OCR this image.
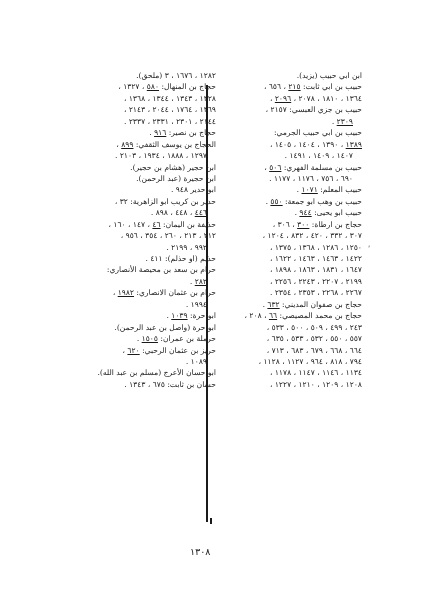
ابن ابي حبيب (يزيد).
حبيب بن ابي ثابت: ٢١٥ ، ٦٥٦ ،
١٣٦٤ ، ١٨١٠ ، ٢٠٧٨ ، ٢٠٩٦ ،
حبيب بن جزي العبسي: ٢١٥٧ ،
٢٣٠٩ .
حبيب بن ابي حبيب الجرمي:
١٣٨٩ ، ١٣٩٠ ، ١٤٠٤ ، ١٤٠٥ ،
١٤٠٧ ، ١٤٠٩ ، ١٤٩١ .
حبيب بن مسلمة الفهري: ٥٠٦ ،
٦٩٠ ، ٧٥٦ ، ١١٧٦ ، ١١٧٧ .
حبيب المعلم: ١٠٧١ .
حبيب بن وهب ابو جمعة: ٥٥٠ .
حبيب ابو يحيى: ٩٤٤ .
حجاج بن ارطاة: ٣٠٠ ، ٣٠٦ ،
٣٠٧ ، ٣٣٢ ، ٤٢٠ ، ٨٣٢ ، ١٢٠٤ ،
١٢٥٠ ، ١٢٨٦ ، ١٣٦٨ ، ١٣٧٥ ،
١٤٢٢ ، ١٤٦٣ ، ١٤٦٣ ، ١٦٢٢ ،
١٦٤٧ ، ١٨٣١ ، ١٨٦٣ ، ١٨٩٨ ،
٢١٩٩ ، ٢٢٠٧ ، ٢٢٤٣ ، ٢٢٥٦ ،
٢٢٦٧ ، ٢٢٦٨ ، ٢٣٥٣ ، ٢٣٥٤ .
حجاج بن صفوان المديني: ٦٣٢ .
حجاج بن محمد المصيصي: ٦٦ ، ٢٠٨ ،
٢٤٣ ، ٤٩٩ ، ٥٠٩ ، ٥٠٠ ، ٥٣٣ ،
٥٥٧ ، ٥٥٠ ، ٥٣٢ ، ٥٣٣ ، ٦٣٥ ،
٦٦٤ ، ٦٦٨ ، ٦٧٩ ، ٦٨٣ ، ٧١٣ ،
٧٩٤ ، ٨١٨ ، ٩٦٤ ، ١١٢٧ ، ١١٢٨ ،
١١٣٤ ، ١١٤٦ ، ١١٤٧ ، ١١٧٨ ،
١٢٠٨ ، ١٢٠٩ ، ١٢١٠ ، ١٢٢٧ ،
١٢٨٢ ، ١٦٧٦ ، ٣ (ملحق).
حجاج بن المنهال: ٥٨٠ ، ١٣٢٧ ،
١٣٢٨ ، ١٣٤٣ ، ١٣٤٤ ، ١٣٦٨ ،
١٣٦٩ ، ١٧٦٤ ، ٢٠٤٤ ، ٢١٤٣ ،
٢١٤٤ ، ٢٣٠١ ، ٢٣٣١ ، ٢٣٣٧ .
حجاج بن نصير: ٩١٦ .
الحجاج بن يوسف الثقفي: ٨٩٩ ،
١٢٩٧ ، ١٨٨٨ ، ١٩٣٤ ، ٢١٠٣ .
ابن حجير (هشام بن حجير).
ابن حجيرة (عبد الرحمن).
ابو حدير ٩٤٨ .
حدير بن كريب ابو الزاهرية: ٣٢ ،
٤٤٦ ، ٤٤٨ ، ٨٩٨ .
حذيفة بن اليمان: ٤٦ ، ١٤٧ ، ١٦٠ ،
٢١٢ ، ٢١٣ ، ٢٦٠ ، ٣٥٤ ، ٩٥٦ ،
٩٩٢ ، ٢١٩٩ .
حذيم (او حذلم): ٤١١ .
حرام بن سعد بن محيصة الأنصاري:
٢٨٢ .
حرام بن عثمان الانصاري: ١٩٨٢ ،
١٩٩٤ .
ابو حرة: ١٠٣٩ .
ابو حرة (واصل بن عبد الرحمن).
حرملة بن عمران: ١٥٠٥ .
حريز بن عثمان الرحبي: ٦٢٠ ،
١٠٨٩ .
ابو حسان الأعرج (مسلم بن عبد الله).
حسان بن ثابت: ٦٧٥ ، ١٣٤٣ .
ʹ
١٣٠٨
